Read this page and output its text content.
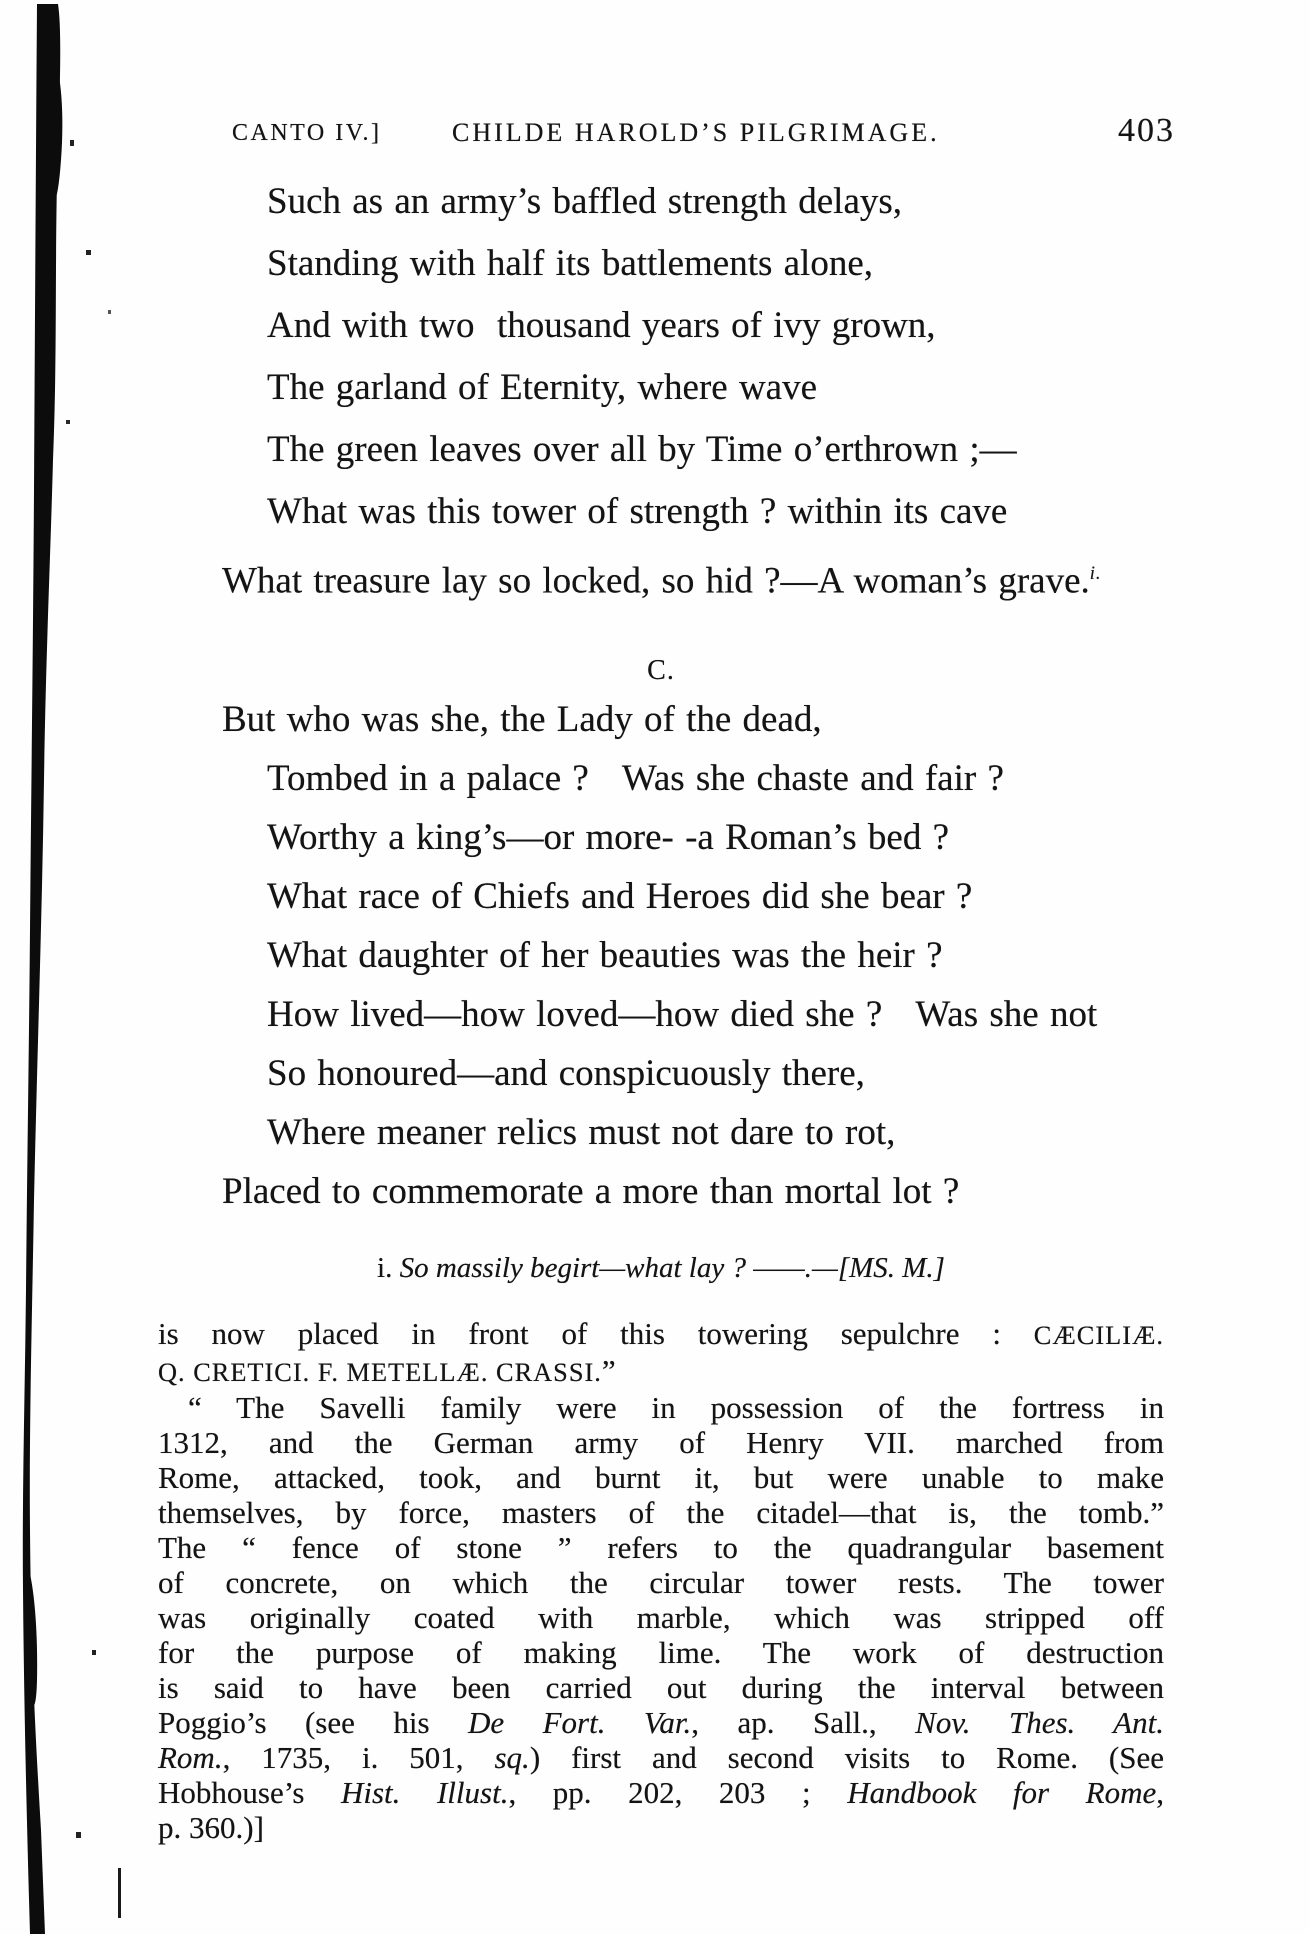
CANTO IV.]	CHILDE HAROLD’S PILGRIMAGE.	403
Such as an army’s baffled strength delays,
Standing with half its battlements alone,
And with two  thousand years of ivy grown,
The garland of Eternity, where wave
The green leaves over all by Time o’erthrown ;—
What was this tower of strength ? within its cave
What treasure lay so locked, so hid ?—A woman’s grave.$^{i.}$
C.
But who was she, the Lady of the dead,
Tombed in a palace ?   Was she chaste and fair ?
Worthy a king’s—or more- -a Roman’s bed ?
What race of Chiefs and Heroes did she bear ?
What daughter of her beauties was the heir ?
How lived—how loved—how died she ?   Was she not
So honoured—and conspicuously there,
Where meaner relics must not dare to rot,
Placed to commemorate a more than mortal lot ?
i. So massily begirt—what lay ? ——.—[MS. M.]
is now placed in front of this towering sepulchre : CÆCILIÆ.
Q. CRETICI. F. METELLÆ. CRASSI.”
“ The Savelli family were in possession of the fortress in
1312, and the German army of Henry VII. marched from
Rome, attacked, took, and burnt it, but were unable to make
themselves, by force, masters of the citadel—that is, the tomb.”
The “ fence of stone ” refers to the quadrangular basement
of concrete, on which the circular tower rests. The tower
was originally coated with marble, which was stripped off
for the purpose of making lime. The work of destruction
is said to have been carried out during the interval between
Poggio’s (see his De Fort. Var., ap. Sall., Nov. Thes. Ant.
Rom., 1735, i. 501, sq.) first and second visits to Rome. (See
Hobhouse’s Hist. Illust., pp. 202, 203 ; Handbook for Rome,
p. 360.)]
